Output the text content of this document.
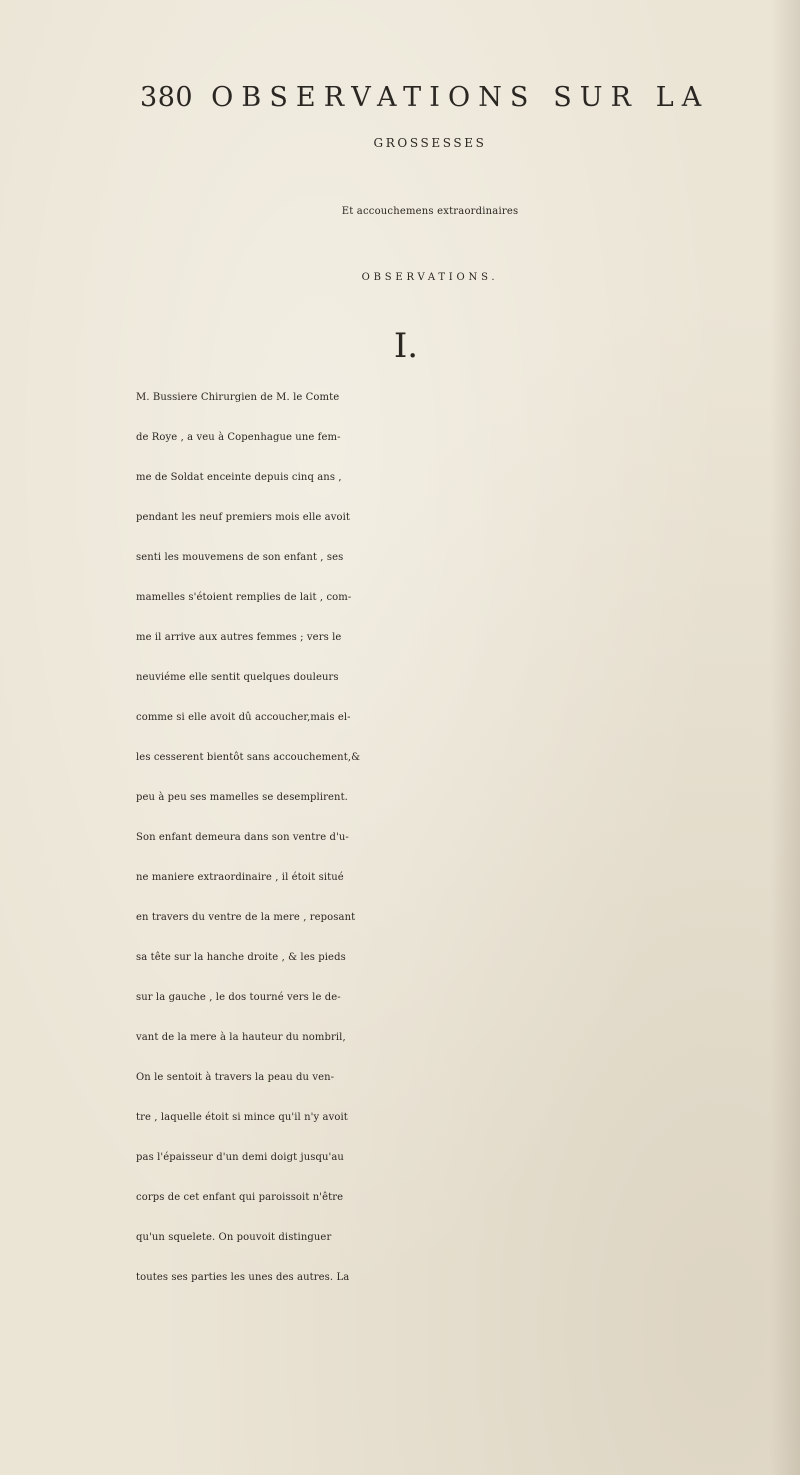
380 OBSERVATIONS SUR LA
GROSSESSES
Et accouchemens extraordinaires
OBSERVATIONS.
I.
M. Bussiere Chirurgien de M. le Comte
de Roye , a veu à Copenhague une fem-
me de Soldat enceinte depuis cinq ans ,
pendant les neuf premiers mois elle avoit
senti les mouvemens de son enfant , ses
mamelles s'étoient remplies de lait , com-
me il arrive aux autres femmes ; vers le
neuviéme elle sentit quelques douleurs
comme si elle avoit dû accoucher,mais el-
les cesserent bientôt sans accouchement,&
peu à peu ses mamelles se desemplirent.
Son enfant demeura dans son ventre d'u-
ne maniere extraordinaire , il étoit situé
en travers du ventre de la mere , reposant
sa tête sur la hanche droite , & les pieds
sur la gauche , le dos tourné vers le de-
vant de la mere à la hauteur du nombril,
On le sentoit à travers la peau du ven-
tre , laquelle étoit si mince qu'il n'y avoit
pas l'épaisseur d'un demi doigt jusqu'au
corps de cet enfant qui paroissoit n'être
qu'un squelete. On pouvoit distinguer
toutes ses parties les unes des autres. La
